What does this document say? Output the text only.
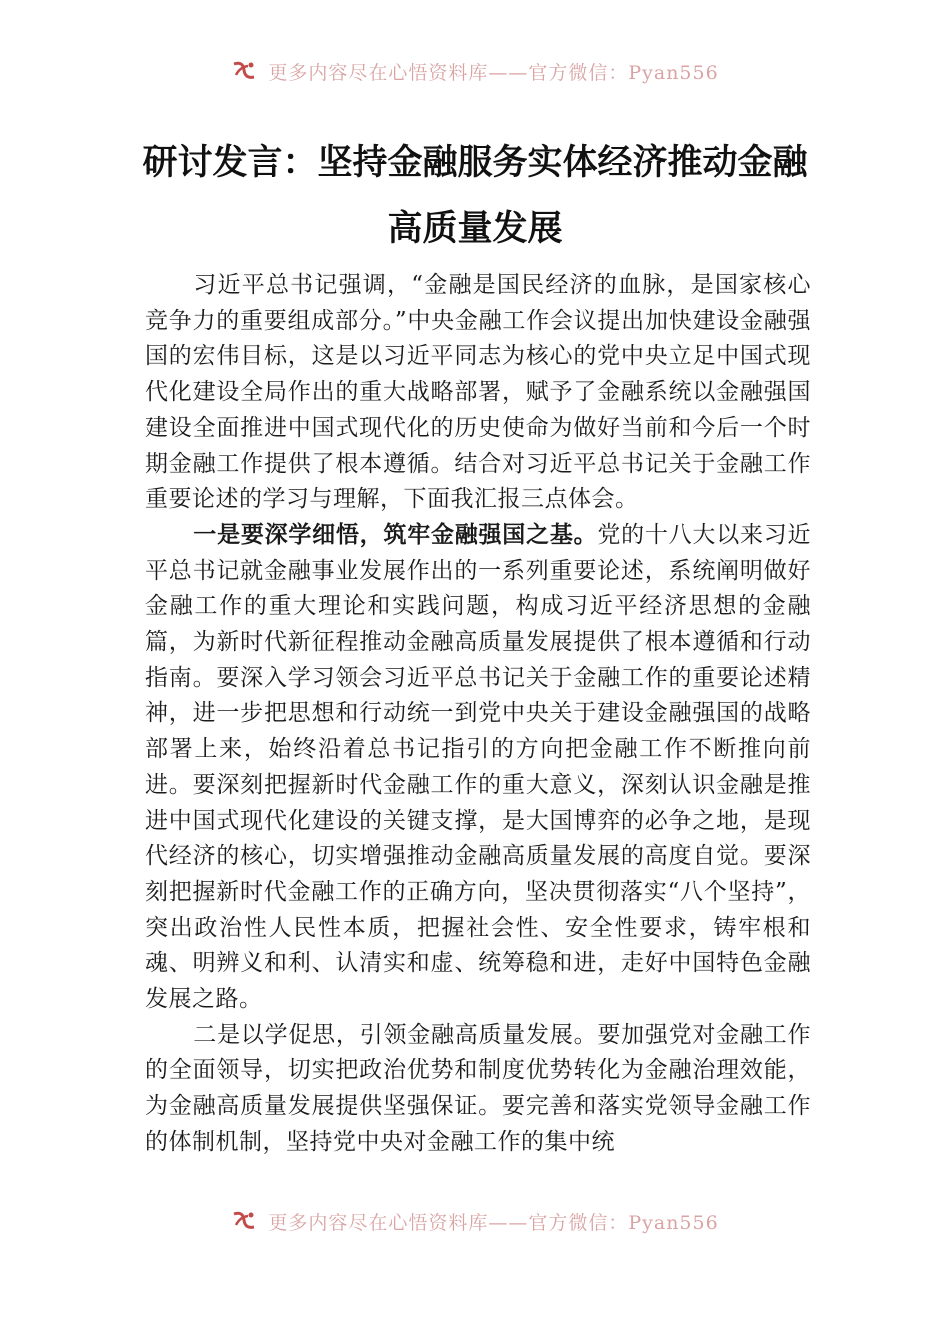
更多内容尽在心悟资料库——官方微信：Pyan556
研讨发言：坚持金融服务实体经济推动金融高质量发展

习近平总书记强调，“金融是国民经济的血脉，是国家核心竞争力的重要组成部分。”中央金融工作会议提出加快建设金融强国的宏伟目标，这是以习近平同志为核心的党中央立足中国式现代化建设全局作出的重大战略部署，赋予了金融系统以金融强国建设全面推进中国式现代化的历史使命为做好当前和今后一个时期金融工作提供了根本遵循。结合对习近平总书记关于金融工作重要论述的学习与理解，下面我汇报三点体会。

一是要深学细悟，筑牢金融强国之基。党的十八大以来习近平总书记就金融事业发展作出的一系列重要论述，系统阐明做好金融工作的重大理论和实践问题，构成习近平经济思想的金融篇，为新时代新征程推动金融高质量发展提供了根本遵循和行动指南。要深入学习领会习近平总书记关于金融工作的重要论述精神，进一步把思想和行动统一到党中央关于建设金融强国的战略部署上来，始终沿着总书记指引的方向把金融工作不断推向前进。要深刻把握新时代金融工作的重大意义，深刻认识金融是推进中国式现代化建设的关键支撑，是大国博弈的必争之地，是现代经济的核心，切实增强推动金融高质量发展的高度自觉。要深刻把握新时代金融工作的正确方向，坚决贯彻落实“八个坚持”，突出政治性人民性本质，把握社会性、安全性要求，铸牢根和魂、明辨义和利、认清实和虚、统筹稳和进，走好中国特色金融发展之路。

二是以学促思，引领金融高质量发展。要加强党对金融工作的全面领导，切实把政治优势和制度优势转化为金融治理效能，为金融高质量发展提供坚强保证。要完善和落实党领导金融工作的体制机制，坚持党中央对金融工作的集中统

更多内容尽在心悟资料库——官方微信：Pyan556
